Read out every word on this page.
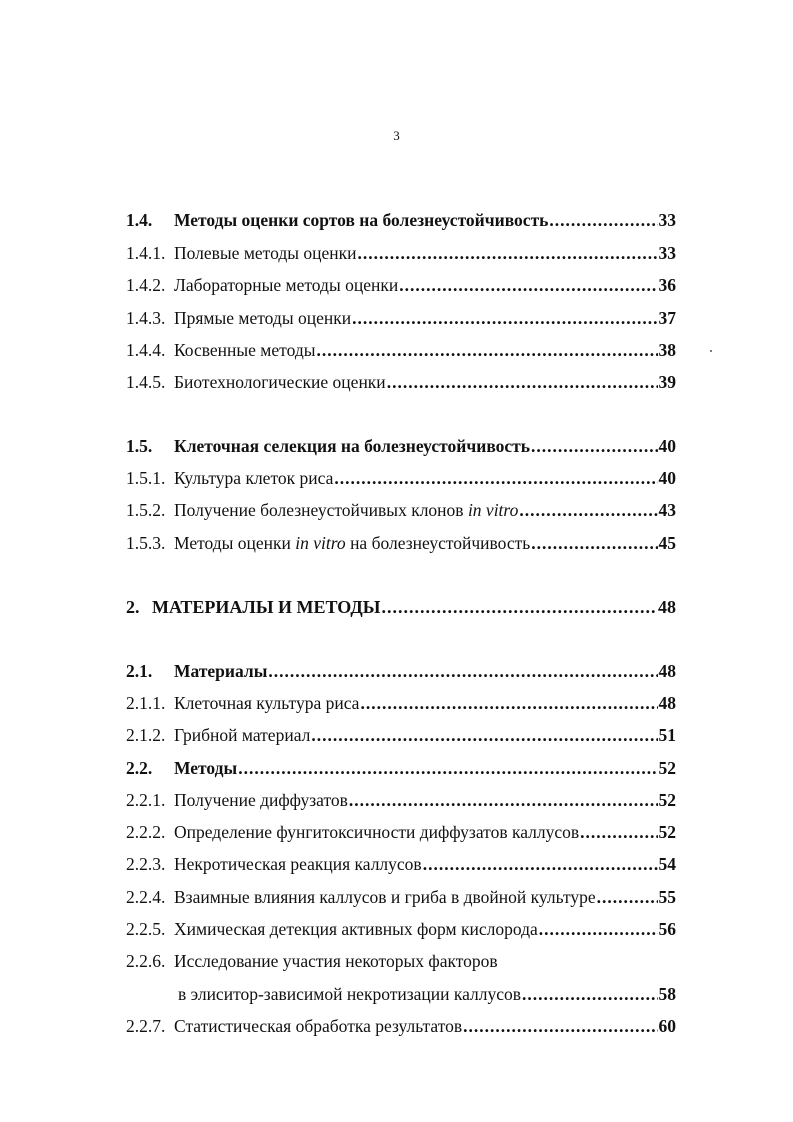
3
1.4.	Методы оценки сортов на болезнеустойчивость .....	33
1.4.1. Полевые методы оценки .....	33
1.4.2. Лабораторные методы оценки .....	36
1.4.3. Прямые методы оценки .....	37
1.4.4. Косвенные методы .....	38
1.4.5. Биотехнологические оценки .....	39
1.5.	Клеточная селекция на болезнеустойчивость .....	40
1.5.1. Культура клеток риса .....	40
1.5.2. Получение болезнеустойчивых клонов in vitro .....	43
1.5.3. Методы оценки in vitro на болезнеустойчивость .....	45
2. МАТЕРИАЛЫ И МЕТОДЫ .....	48
2.1.	Материалы .....	48
2.1.1. Клеточная культура риса .....	48
2.1.2. Грибной материал .....	51
2.2.	Методы .....	52
2.2.1. Получение диффузатов .....	52
2.2.2. Определение фунгитоксичности диффузатов каллусов .....	52
2.2.3. Некротическая реакция каллусов .....	54
2.2.4. Взаимные влияния каллусов и гриба в двойной культуре .....	55
2.2.5. Химическая детекция активных форм кислорода .....	56
2.2.6. Исследование участия некоторых факторов
в элиситор-зависимой некротизации каллусов .....	58
2.2.7. Статистическая обработка результатов .....	60
